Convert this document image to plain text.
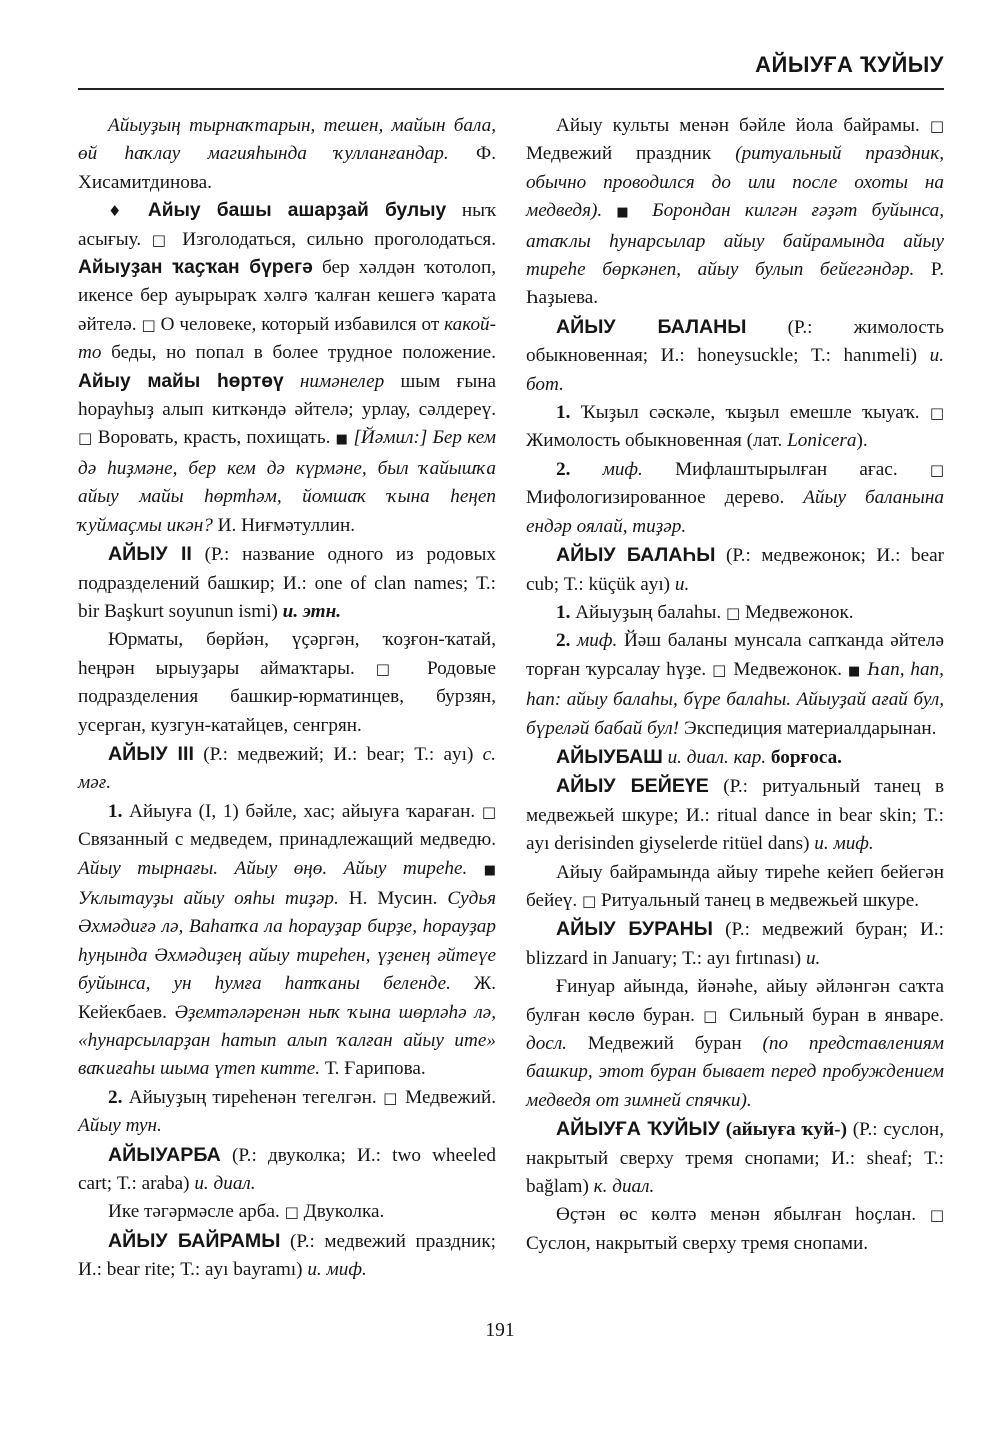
АЙЫУҒА ҠУЙЫУ

Айыуҙың тырнаҡтарын, тешен, майын бала, өй һаҡлау магияһында ҡулланғандар. Ф. Хисамитдинова.

♦ Айыу башы ашарҙай булыу ныҡ асығыу. □ Изголодаться, сильно проголодаться. Айыуҙан ҡаҫҡан бүрегә бер хәлдән ҡотолоп, икенсе бер ауырыраҡ хәлгә ҡалған кешегә ҡарата әйтелә. □ О человеке, который избавился от какой-то беды, но попал в более трудное положение. Айыу майы һөртөү нимәнелер шым ғына һорауһыҙ алып киткәндә әйтелә; урлау, сәлдереү. □ Воровать, красть, похищать. ■ [Йәмил:] Бер кем дә һиҙмәне, бер кем дә күрмәне, был ҡайышҡа айыу майы һөртһәм, йомшаҡ ҡына һеңеп ҡуймаҫмы икән? И. Ниғмәтуллин.

АЙЫУ II (Р.: название одного из родовых подразделений башкир; И.: one of clan names; Т.: bir Başkurt soyunun ismi) и. этн.

Юрматы, бөрйән, үҫәргән, ҡоҙғон-ҡатай, һеңрән ырыуҙары аймаҡтары. □ Родовые подразделения башкир-юрматинцев, бурзян, усерган, кузгун-катайцев, сенгрян.

АЙЫУ III (Р.: медвежий; И.: bear; Т.: ayı) с. мәғ.

1. Айыуға (I, 1) бәйле, хас; айыуға ҡараған. □ Связанный с медведем, принадлежащий медведю. Айыу тырнағы. Айыу өңө. Айыу тиреһе. ■ Уклытауҙы айыу ояһы тиҙәр. Н. Мусин. Судья Әхмәдиғә лә, Ваһапҡа ла һорауҙар бирҙе, һорауҙар һуңында Әхмәдиҙең айыу тиреһен, үҙенең әйтеүе буйынса, ун һумға һатҡаны беленде. Ж. Кейекбаев. Әҙемтәләренән ныҡ ҡына шөрләһә лә, «һунарсыларҙан һатып алып ҡалған айыу ите» ваҡиғаһы шыма үтеп китте. Т. Ғарипова.

2. Айыуҙың тиреһенән тегелгән. □ Медвежий. Айыу тун.

АЙЫУАРБА (Р.: двуколка; И.: two wheeled cart; Т.: araba) и. диал.

Ике тәгәрмәсле арба. □ Двуколка.

АЙЫУ БАЙРАМЫ (Р.: медвежий праздник; И.: bear rite; Т.: ayı bayramı) и. миф.

Айыу культы менән бәйле йола байрамы. □ Медвежий праздник (ритуальный праздник, обычно проводился до или после охоты на медведя). ■ Борондан килгән ғәҙәт буйынса, атаҡлы һунарсылар айыу байрамында айыу тиреһе бөркәнеп, айыу булып бейегәндәр. Р. Һаҙыева.

АЙЫУ БАЛАНЫ (Р.: жимолость обыкновенная; И.: honeysuckle; Т.: hanımeli) и. бот.

1. Ҡыҙыл сәскәле, ҡыҙыл емешле ҡыуаҡ. □ Жимолость обыкновенная (лат. Lonicera).

2. миф. Мифлаштырылған ағас. □ Мифологизированное дерево. Айыу баланына ендәр оялай, тиҙәр.

АЙЫУ БАЛАҺЫ (Р.: медвежонок; И.: bear cub; Т.: küçük ayı) и.

1. Айыуҙың балаһы. □ Медвежонок.

2. миф. Йәш баланы мунсала сапҡанда әйтелә торған ҡурсалау һүҙе. □ Медвежонок. ■ Һап, һап, һап: айыу балаһы, бүре балаһы. Айыуҙай ағай бул, бүреләй бабай бул! Экспедиция материалдарынан.

АЙЫУБАШ и. диал. кар. борғоса.

АЙЫУ БЕЙЕҮЕ (Р.: ритуальный танец в медвежьей шкуре; И.: ritual dance in bear skin; Т.: ayı derisinden giyselerde ritüel dans) и. миф.

Айыу байрамында айыу тиреһе кейеп бейегән бейеү. □ Ритуальный танец в медвежьей шкуре.

АЙЫУ БУРАНЫ (Р.: медвежий буран; И.: blizzard in January; Т.: ayı fırtınası) и.

Ғинуар айында, йәнәһе, айыу әйләнгән саҡта булған көслө буран. □ Сильный буран в январе. досл. Медвежий буран (по представлениям башкир, этот буран бывает перед пробуждением медведя от зимней спячки).

АЙЫУҒА ҠУЙЫУ (айыуға ҡуй-) (Р.: суслон, накрытый сверху тремя снопами; И.: sheaf; Т.: bağlam) к. диал.

Өҫтән өс көлтә менән ябылған һоҫлан. □ Суслон, накрытый сверху тремя снопами.

191
